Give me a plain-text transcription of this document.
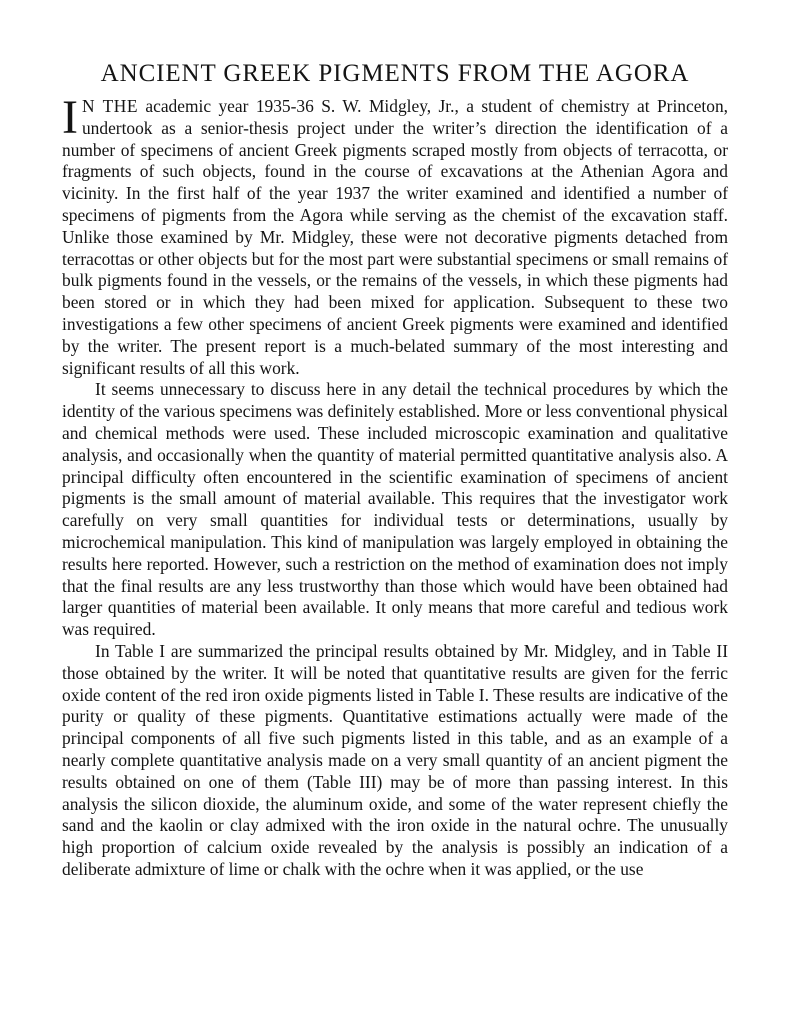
ANCIENT GREEK PIGMENTS FROM THE AGORA

I N THE academic year 1935-36 S. W. Midgley, Jr., a student of chemistry at Princeton, undertook as a senior-thesis project under the writer’s direction the identification of a number of specimens of ancient Greek pigments scraped mostly from objects of terracotta, or fragments of such objects, found in the course of excavations at the Athenian Agora and vicinity. In the first half of the year 1937 the writer examined and identified a number of specimens of pigments from the Agora while serving as the chemist of the excavation staff. Unlike those examined by Mr. Midgley, these were not decorative pigments detached from terracottas or other objects but for the most part were substantial specimens or small remains of bulk pigments found in the vessels, or the remains of the vessels, in which these pigments had been stored or in which they had been mixed for application. Subsequent to these two investigations a few other specimens of ancient Greek pigments were examined and identified by the writer. The present report is a much-belated summary of the most interesting and significant results of all this work.

It seems unnecessary to discuss here in any detail the technical procedures by which the identity of the various specimens was definitely established. More or less conventional physical and chemical methods were used. These included microscopic examination and qualitative analysis, and occasionally when the quantity of material permitted quantitative analysis also. A principal difficulty often encountered in the scientific examination of specimens of ancient pigments is the small amount of material available. This requires that the investigator work carefully on very small quantities for individual tests or determinations, usually by microchemical manipulation. This kind of manipulation was largely employed in obtaining the results here reported. However, such a restriction on the method of examination does not imply that the final results are any less trustworthy than those which would have been obtained had larger quantities of material been available. It only means that more careful and tedious work was required.

In Table I are summarized the principal results obtained by Mr. Midgley, and in Table II those obtained by the writer. It will be noted that quantitative results are given for the ferric oxide content of the red iron oxide pigments listed in Table I. These results are indicative of the purity or quality of these pigments. Quantitative estimations actually were made of the principal components of all five such pigments listed in this table, and as an example of a nearly complete quantitative analysis made on a very small quantity of an ancient pigment the results obtained on one of them (Table III) may be of more than passing interest. In this analysis the silicon dioxide, the aluminum oxide, and some of the water represent chiefly the sand and the kaolin or clay admixed with the iron oxide in the natural ochre. The unusually high proportion of calcium oxide revealed by the analysis is possibly an indication of a deliberate admixture of lime or chalk with the ochre when it was applied, or the use
